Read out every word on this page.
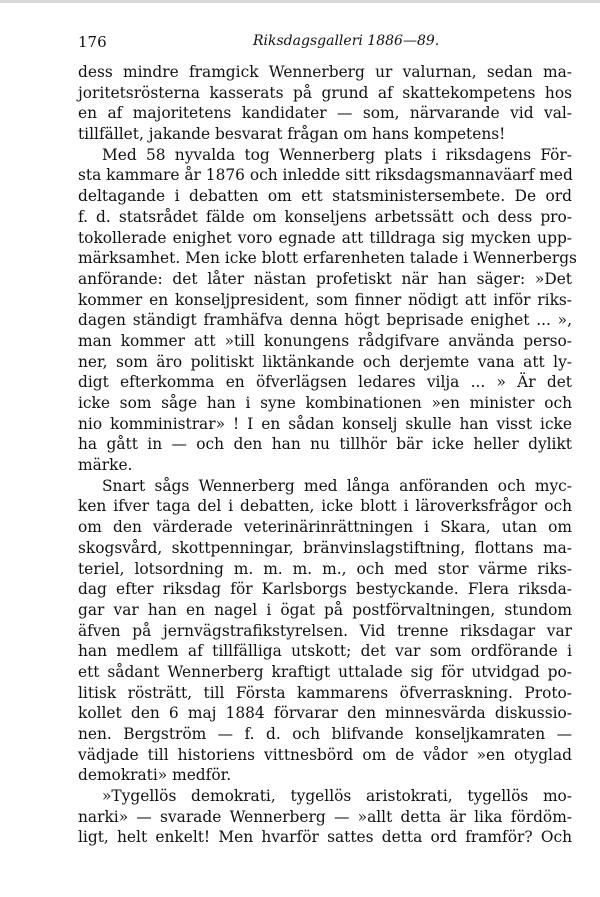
176	Riksdagsgalleri 1886—89.
dess mindre framgick Wennerberg ur valurnan, sedan ma-
joritetsrösterna kasserats på grund af skattekompetens hos
en af majoritetens kandidater — som, närvarande vid val-
tillfället, jakande besvarat frågan om hans kompetens!
Med 58 nyvalda tog Wennerberg plats i riksdagens För-
sta kammare år 1876 och inledde sitt riksdagsmannaväarf med
deltagande i debatten om ett statsministersembete. De ord
f. d. statsrådet fälde om konseljens arbetssätt och dess pro-
tokollerade enighet voro egnade att tilldraga sig mycken upp-
märksamhet. Men icke blott erfarenheten talade i Wennerbergs
anförande: det låter nästan profetiskt när han säger: »Det
kommer en konseljpresident, som finner nödigt att inför riks-
dagen ständigt framhäfva denna högt beprisade enighet ... »,
man kommer att »till konungens rådgifvare använda perso-
ner, som äro politiskt liktänkande och derjemte vana att ly-
digt efterkomma en öfverlägsen ledares vilja ... » Är det
icke som såge han i syne kombinationen »en minister och
nio komministrar» ! I en sådan konselj skulle han visst icke
ha gått in — och den han nu tillhör bär icke heller dylikt
märke.
Snart sågs Wennerberg med långa anföranden och myc-
ken ifver taga del i debatten, icke blott i läroverksfrågor och
om den värderade veterinärinrättningen i Skara, utan om
skogsvård, skottpenningar, bränvinslagstiftning, flottans ma-
teriel, lotsordning m. m. m. m., och med stor värme riks-
dag efter riksdag för Karlsborgs bestyckande. Flera riksda-
gar var han en nagel i ögat på postförvaltningen, stundom
äfven på jernvägstrafikstyrelsen. Vid trenne riksdagar var
han medlem af tillfälliga utskott; det var som ordförande i
ett sådant Wennerberg kraftigt uttalade sig för utvidgad po-
litisk rösträtt, till Första kammarens öfverraskning. Proto-
kollet den 6 maj 1884 förvarar den minnesvärda diskussio-
nen. Bergström — f. d. och blifvande konseljkamraten —
vädjade till historiens vittnesbörd om de vådor »en otyglad
demokrati» medför.
»Tygellös demokrati, tygellös aristokrati, tygellös mo-
narki» — svarade Wennerberg — »allt detta är lika fördöm-
ligt, helt enkelt! Men hvarför sattes detta ord framför? Och
